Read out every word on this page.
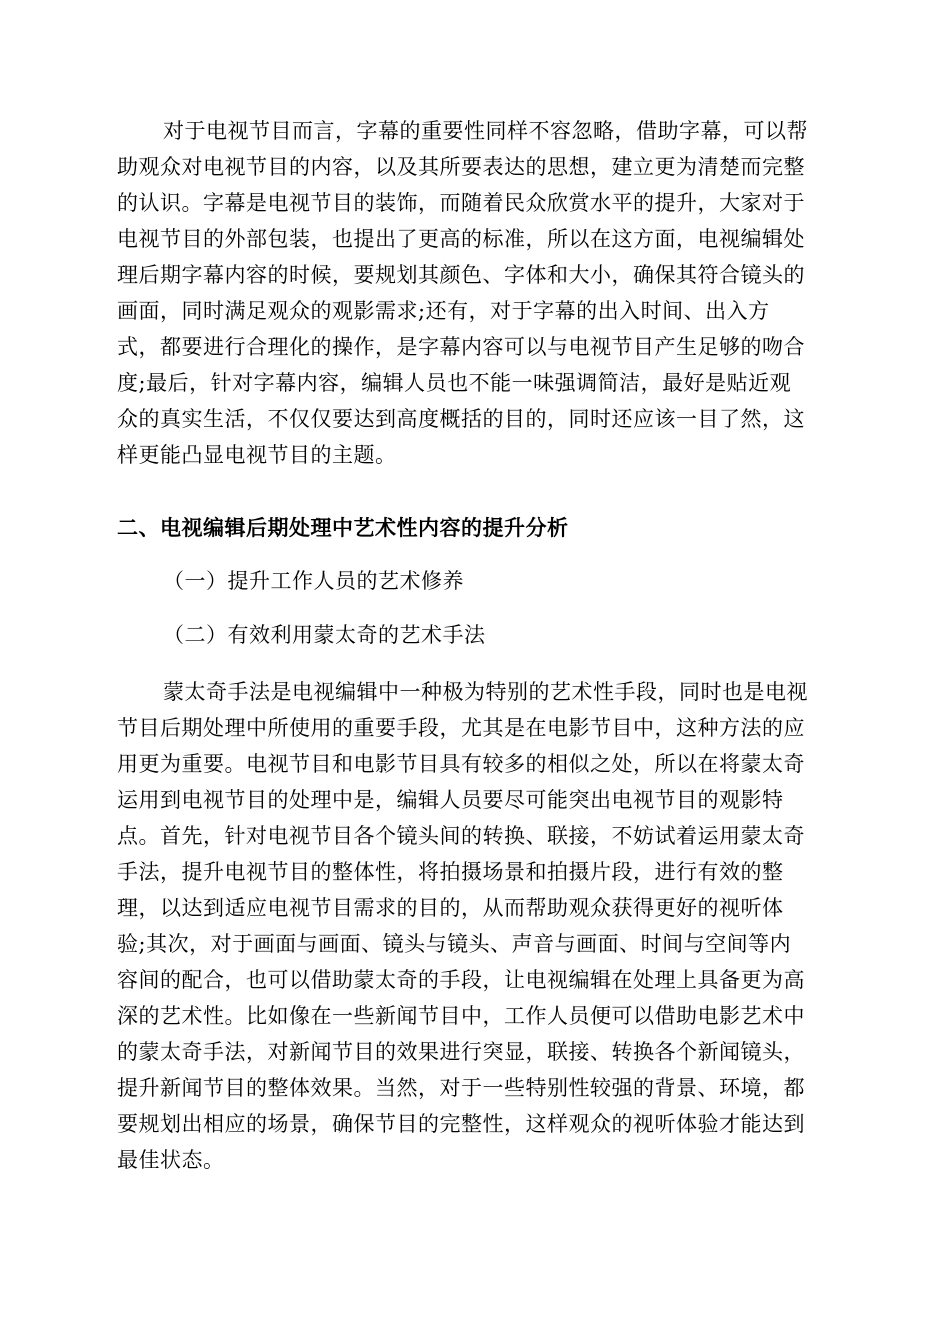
对于电视节目而言，字幕的重要性同样不容忽略，借助字幕，可以帮
助观众对电视节目的内容，以及其所要表达的思想，建立更为清楚而完整
的认识。字幕是电视节目的装饰，而随着民众欣赏水平的提升，大家对于
电视节目的外部包装，也提出了更高的标准，所以在这方面，电视编辑处
理后期字幕内容的时候，要规划其颜色、字体和大小，确保其符合镜头的
画面，同时满足观众的观影需求;还有，对于字幕的出入时间、出入方
式，都要进行合理化的操作，是字幕内容可以与电视节目产生足够的吻合
度;最后，针对字幕内容，编辑人员也不能一味强调简洁，最好是贴近观
众的真实生活，不仅仅要达到高度概括的目的，同时还应该一目了然，这
样更能凸显电视节目的主题。
二、电视编辑后期处理中艺术性内容的提升分析
（一）提升工作人员的艺术修养
（二）有效利用蒙太奇的艺术手法
蒙太奇手法是电视编辑中一种极为特别的艺术性手段，同时也是电视
节目后期处理中所使用的重要手段，尤其是在电影节目中，这种方法的应
用更为重要。电视节目和电影节目具有较多的相似之处，所以在将蒙太奇
运用到电视节目的处理中是，编辑人员要尽可能突出电视节目的观影特
点。首先，针对电视节目各个镜头间的转换、联接，不妨试着运用蒙太奇
手法，提升电视节目的整体性，将拍摄场景和拍摄片段，进行有效的整
理，以达到适应电视节目需求的目的，从而帮助观众获得更好的视听体
验;其次，对于画面与画面、镜头与镜头、声音与画面、时间与空间等内
容间的配合，也可以借助蒙太奇的手段，让电视编辑在处理上具备更为高
深的艺术性。比如像在一些新闻节目中，工作人员便可以借助电影艺术中
的蒙太奇手法，对新闻节目的效果进行突显，联接、转换各个新闻镜头，
提升新闻节目的整体效果。当然，对于一些特别性较强的背景、环境，都
要规划出相应的场景，确保节目的完整性，这样观众的视听体验才能达到
最佳状态。
